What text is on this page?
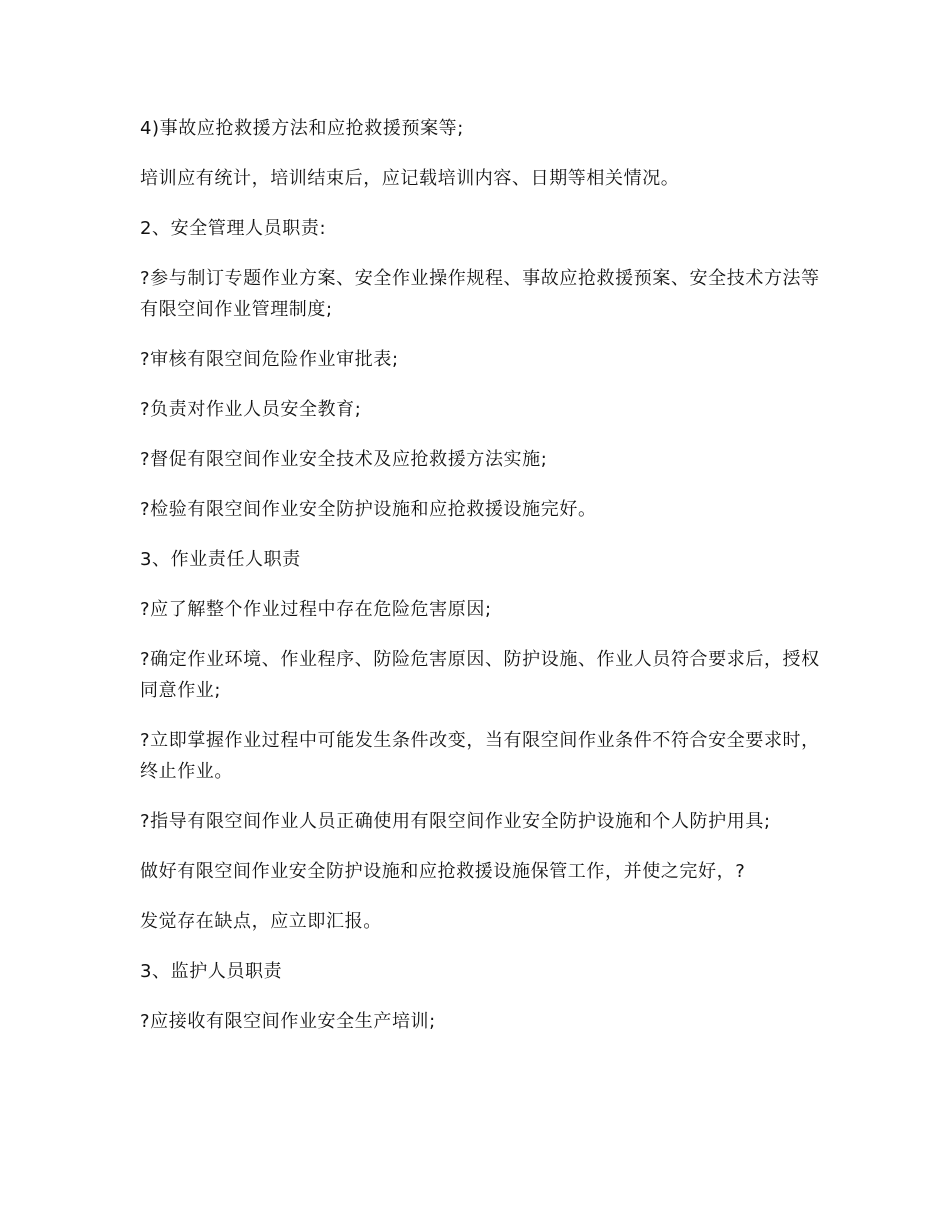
4)事故应抢救援方法和应抢救援预案等;

培训应有统计，培训结束后，应记载培训内容、日期等相关情况。

2、安全管理人员职责:

?参与制订专题作业方案、安全作业操作规程、事故应抢救援预案、安全技术方法等有限空间作业管理制度;

?审核有限空间危险作业审批表;

?负责对作业人员安全教育;

?督促有限空间作业安全技术及应抢救援方法实施;

?检验有限空间作业安全防护设施和应抢救援设施完好。

3、作业责任人职责

?应了解整个作业过程中存在危险危害原因;

?确定作业环境、作业程序、防险危害原因、防护设施、作业人员符合要求后，授权同意作业;

?立即掌握作业过程中可能发生条件改变，当有限空间作业条件不符合安全要求时，终止作业。

?指导有限空间作业人员正确使用有限空间作业安全防护设施和个人防护用具;

做好有限空间作业安全防护设施和应抢救援设施保管工作，并使之完好，?

发觉存在缺点，应立即汇报。

3、监护人员职责

?应接收有限空间作业安全生产培训;
